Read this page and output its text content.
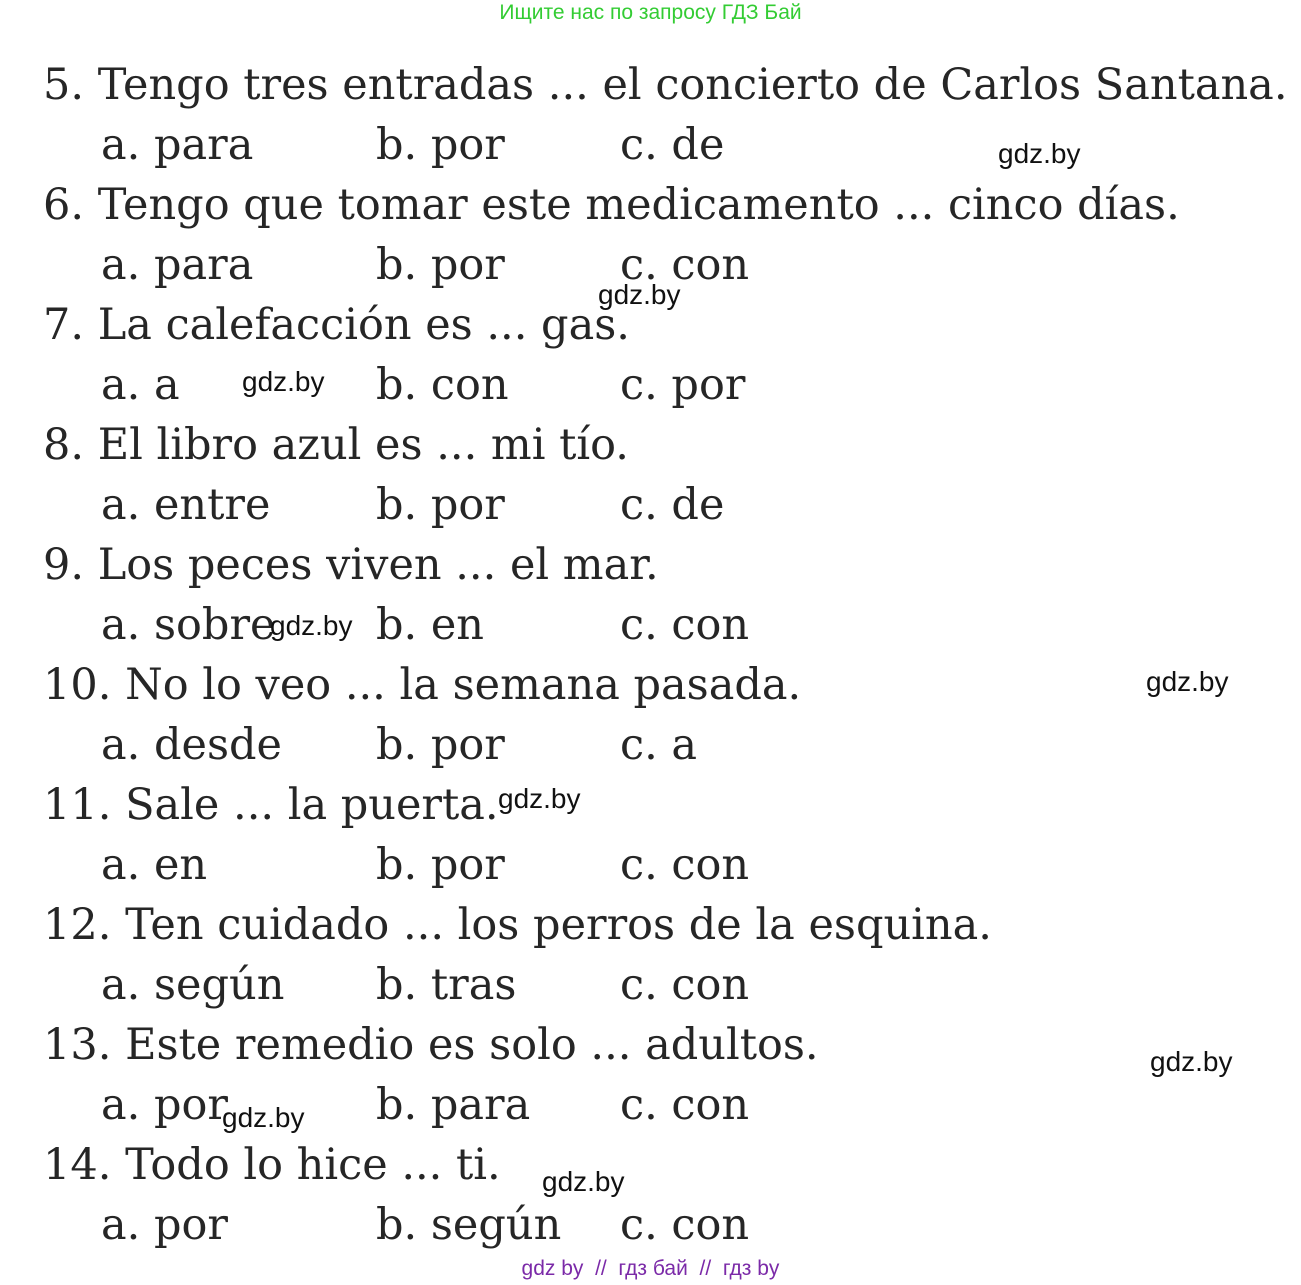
Ищите нас по запросу ГДЗ Бай
5. Tengo tres entradas ... el concierto de Carlos Santana.
a. para	b. por	c. de
6. Tengo que tomar este medicamento ... cinco días.
a. para	b. por	c. con
7. La calefacción es ... gas.
a. a	b. con	c. por
8. El libro azul es ... mi tío.
a. entre b. por	c. de
9. Los peces viven ... el mar.
a. sobre b. en	c. con
10. No lo veo ... la semana pasada.
a. desde b. por	c. a
11. Sale ... la puerta.
a. en	b. por	c. con
12. Ten cuidado ... los perros de la esquina.
a. según b. tras c. con
13. Este remedio es solo ... adultos.
a. por	b. para c. con
14. Todo lo hice ... ti.
a. por	b. según c. con
gdz.by
gdz.by
gdz.by
gdz.by
gdz.by
gdz.by
gdz.by
gdz.by
gdz.by
gdz by  //  гдз бай  //  гдз by
